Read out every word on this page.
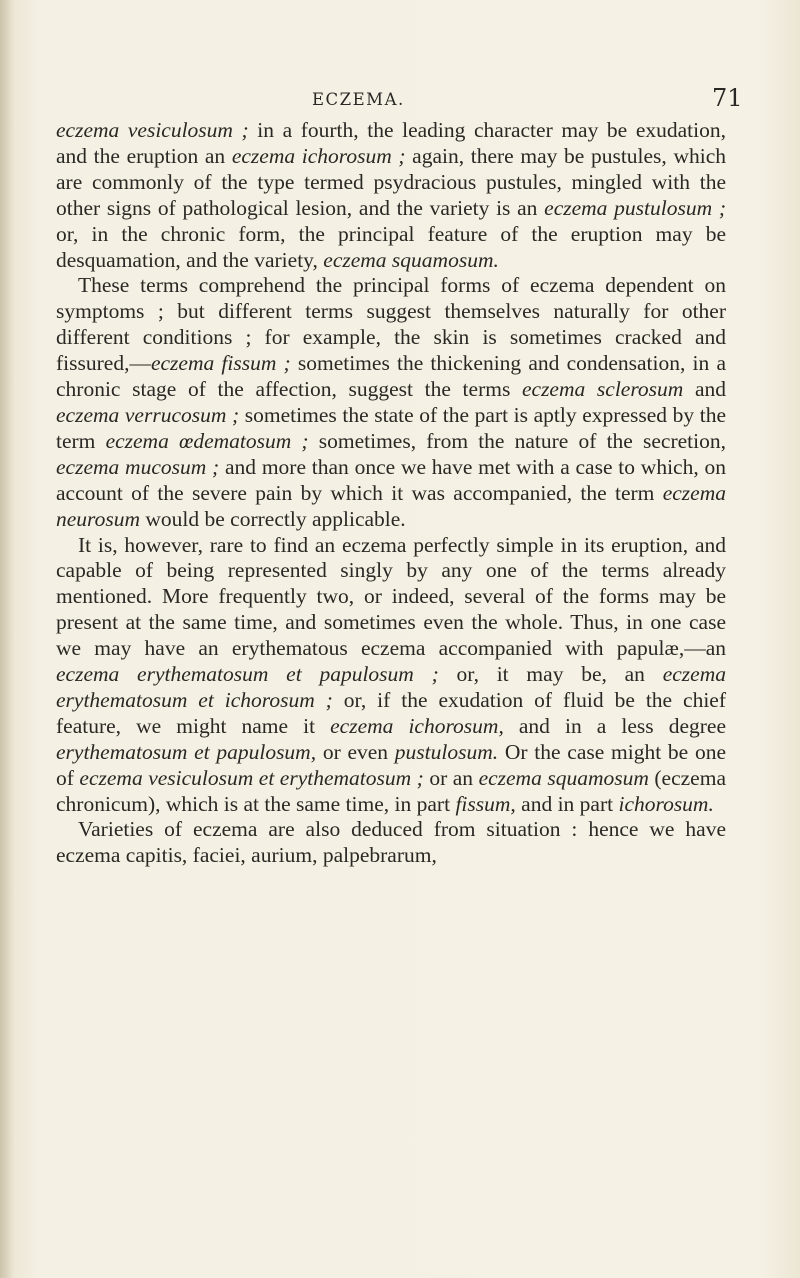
ECZEMA.	71

eczema vesiculosum ; in a fourth, the leading character may be exudation, and the eruption an eczema ichorosum ; again, there may be pustules, which are commonly of the type termed psydracious pustules, mingled with the other signs of pathological lesion, and the variety is an eczema pustulosum ; or, in the chronic form, the principal feature of the eruption may be desquamation, and the variety, eczema squamosum.

These terms comprehend the principal forms of eczema dependent on symptoms ; but different terms suggest themselves naturally for other different conditions ; for example, the skin is sometimes cracked and fissured,—eczema fissum ; sometimes the thickening and condensation, in a chronic stage of the affection, suggest the terms eczema sclerosum and eczema verrucosum ; sometimes the state of the part is aptly expressed by the term eczema œdematosum ; sometimes, from the nature of the secretion, eczema mucosum ; and more than once we have met with a case to which, on account of the severe pain by which it was accompanied, the term eczema neurosum would be correctly applicable.

It is, however, rare to find an eczema perfectly simple in its eruption, and capable of being represented singly by any one of the terms already mentioned. More frequently two, or indeed, several of the forms may be present at the same time, and sometimes even the whole. Thus, in one case we may have an erythematous eczema accompanied with papulæ,—an eczema erythematosum et papulosum ; or, it may be, an eczema erythematosum et ichorosum ; or, if the exudation of fluid be the chief feature, we might name it eczema ichorosum, and in a less degree erythematosum et papulosum, or even pustulosum. Or the case might be one of eczema vesiculosum et erythematosum ; or an eczema squamosum (eczema chronicum), which is at the same time, in part fissum, and in part ichorosum.

Varieties of eczema are also deduced from situation : hence we have eczema capitis, faciei, aurium, palpebrarum,
